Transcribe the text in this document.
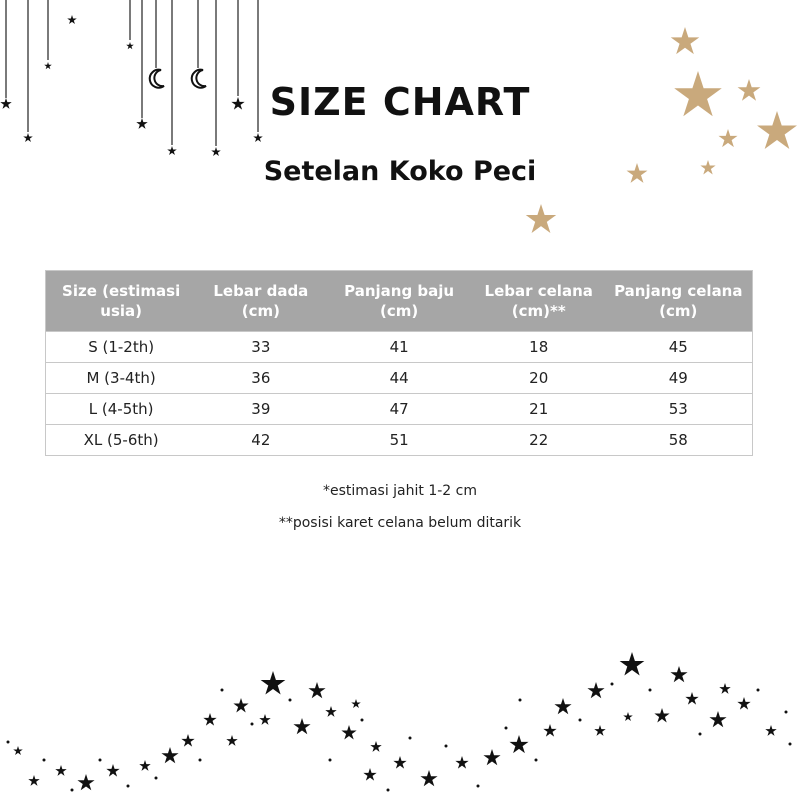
SIZE CHART
Setelan Koko Peci
Size (estimasi usia)	Lebar dada (cm)	Panjang baju (cm)	Lebar celana (cm)**	Panjang celana (cm)
S (1-2th)	33	41	18	45
M (3-4th)	36	44	20	49
L (4-5th)	39	47	21	53
XL (5-6th)	42	51	22	58
*estimasi jahit 1-2 cm
**posisi karet celana belum ditarik
